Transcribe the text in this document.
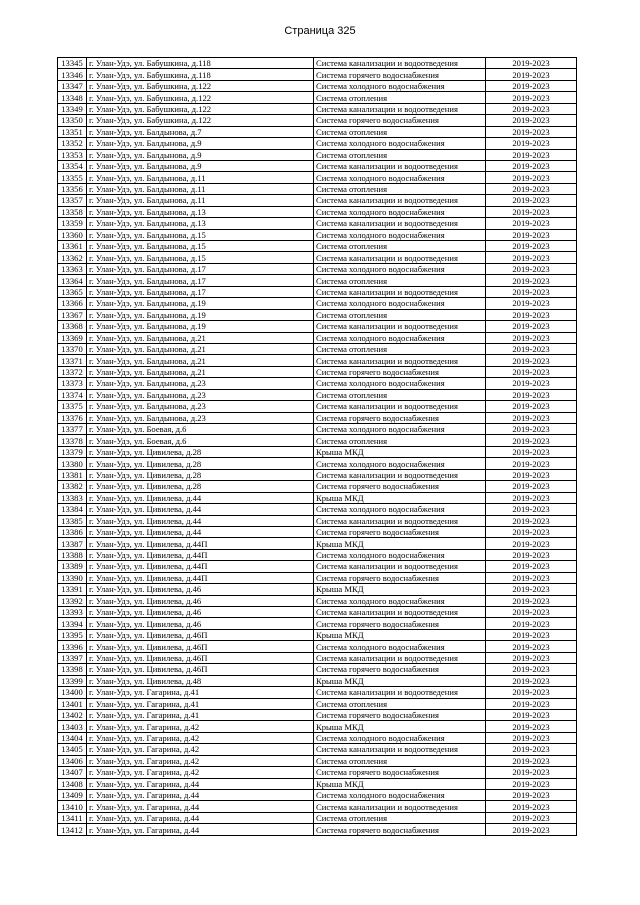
Страница 325
13345	г. Улан-Удэ, ул. Бабушкина, д.118	Система канализации и водоотведения	2019-2023
13346	г. Улан-Удэ, ул. Бабушкина, д.118	Система горячего водоснабжения	2019-2023
13347	г. Улан-Удэ, ул. Бабушкина, д.122	Система холодного водоснабжения	2019-2023
13348	г. Улан-Удэ, ул. Бабушкина, д.122	Система отопления	2019-2023
13349	г. Улан-Удэ, ул. Бабушкина, д.122	Система канализации и водоотведения	2019-2023
13350	г. Улан-Удэ, ул. Бабушкина, д.122	Система горячего водоснабжения	2019-2023
13351	г. Улан-Удэ, ул. Балдынова, д.7	Система отопления	2019-2023
13352	г. Улан-Удэ, ул. Балдынова, д.9	Система холодного водоснабжения	2019-2023
13353	г. Улан-Удэ, ул. Балдынова, д.9	Система отопления	2019-2023
13354	г. Улан-Удэ, ул. Балдынова, д.9	Система канализации и водоотведения	2019-2023
13355	г. Улан-Удэ, ул. Балдынова, д.11	Система холодного водоснабжения	2019-2023
13356	г. Улан-Удэ, ул. Балдынова, д.11	Система отопления	2019-2023
13357	г. Улан-Удэ, ул. Балдынова, д.11	Система канализации и водоотведения	2019-2023
13358	г. Улан-Удэ, ул. Балдынова, д.13	Система холодного водоснабжения	2019-2023
13359	г. Улан-Удэ, ул. Балдынова, д.13	Система канализации и водоотведения	2019-2023
13360	г. Улан-Удэ, ул. Балдынова, д.15	Система холодного водоснабжения	2019-2023
13361	г. Улан-Удэ, ул. Балдынова, д.15	Система отопления	2019-2023
13362	г. Улан-Удэ, ул. Балдынова, д.15	Система канализации и водоотведения	2019-2023
13363	г. Улан-Удэ, ул. Балдынова, д.17	Система холодного водоснабжения	2019-2023
13364	г. Улан-Удэ, ул. Балдынова, д.17	Система отопления	2019-2023
13365	г. Улан-Удэ, ул. Балдынова, д.17	Система канализации и водоотведения	2019-2023
13366	г. Улан-Удэ, ул. Балдынова, д.19	Система холодного водоснабжения	2019-2023
13367	г. Улан-Удэ, ул. Балдынова, д.19	Система отопления	2019-2023
13368	г. Улан-Удэ, ул. Балдынова, д.19	Система канализации и водоотведения	2019-2023
13369	г. Улан-Удэ, ул. Балдынова, д.21	Система холодного водоснабжения	2019-2023
13370	г. Улан-Удэ, ул. Балдынова, д.21	Система отопления	2019-2023
13371	г. Улан-Удэ, ул. Балдынова, д.21	Система канализации и водоотведения	2019-2023
13372	г. Улан-Удэ, ул. Балдынова, д.21	Система горячего водоснабжения	2019-2023
13373	г. Улан-Удэ, ул. Балдынова, д.23	Система холодного водоснабжения	2019-2023
13374	г. Улан-Удэ, ул. Балдынова, д.23	Система отопления	2019-2023
13375	г. Улан-Удэ, ул. Балдынова, д.23	Система канализации и водоотведения	2019-2023
13376	г. Улан-Удэ, ул. Балдынова, д.23	Система горячего водоснабжения	2019-2023
13377	г. Улан-Удэ, ул. Боевая, д.6	Система холодного водоснабжения	2019-2023
13378	г. Улан-Удэ, ул. Боевая, д.6	Система отопления	2019-2023
13379	г. Улан-Удэ, ул. Цивилева, д.28	Крыша МКД	2019-2023
13380	г. Улан-Удэ, ул. Цивилева, д.28	Система холодного водоснабжения	2019-2023
13381	г. Улан-Удэ, ул. Цивилева, д.28	Система канализации и водоотведения	2019-2023
13382	г. Улан-Удэ, ул. Цивилева, д.28	Система горячего водоснабжения	2019-2023
13383	г. Улан-Удэ, ул. Цивилева, д.44	Крыша МКД	2019-2023
13384	г. Улан-Удэ, ул. Цивилева, д.44	Система холодного водоснабжения	2019-2023
13385	г. Улан-Удэ, ул. Цивилева, д.44	Система канализации и водоотведения	2019-2023
13386	г. Улан-Удэ, ул. Цивилева, д.44	Система горячего водоснабжения	2019-2023
13387	г. Улан-Удэ, ул. Цивилева, д.44П	Крыша МКД	2019-2023
13388	г. Улан-Удэ, ул. Цивилева, д.44П	Система холодного водоснабжения	2019-2023
13389	г. Улан-Удэ, ул. Цивилева, д.44П	Система канализации и водоотведения	2019-2023
13390	г. Улан-Удэ, ул. Цивилева, д.44П	Система горячего водоснабжения	2019-2023
13391	г. Улан-Удэ, ул. Цивилева, д.46	Крыша МКД	2019-2023
13392	г. Улан-Удэ, ул. Цивилева, д.46	Система холодного водоснабжения	2019-2023
13393	г. Улан-Удэ, ул. Цивилева, д.46	Система канализации и водоотведения	2019-2023
13394	г. Улан-Удэ, ул. Цивилева, д.46	Система горячего водоснабжения	2019-2023
13395	г. Улан-Удэ, ул. Цивилева, д.46П	Крыша МКД	2019-2023
13396	г. Улан-Удэ, ул. Цивилева, д.46П	Система холодного водоснабжения	2019-2023
13397	г. Улан-Удэ, ул. Цивилева, д.46П	Система канализации и водоотведения	2019-2023
13398	г. Улан-Удэ, ул. Цивилева, д.46П	Система горячего водоснабжения	2019-2023
13399	г. Улан-Удэ, ул. Цивилева, д.48	Крыша МКД	2019-2023
13400	г. Улан-Удэ, ул. Гагарина, д.41	Система канализации и водоотведения	2019-2023
13401	г. Улан-Удэ, ул. Гагарина, д.41	Система отопления	2019-2023
13402	г. Улан-Удэ, ул. Гагарина, д.41	Система горячего водоснабжения	2019-2023
13403	г. Улан-Удэ, ул. Гагарина, д.42	Крыша МКД	2019-2023
13404	г. Улан-Удэ, ул. Гагарина, д.42	Система холодного водоснабжения	2019-2023
13405	г. Улан-Удэ, ул. Гагарина, д.42	Система канализации и водоотведения	2019-2023
13406	г. Улан-Удэ, ул. Гагарина, д.42	Система отопления	2019-2023
13407	г. Улан-Удэ, ул. Гагарина, д.42	Система горячего водоснабжения	2019-2023
13408	г. Улан-Удэ, ул. Гагарина, д.44	Крыша МКД	2019-2023
13409	г. Улан-Удэ, ул. Гагарина, д.44	Система холодного водоснабжения	2019-2023
13410	г. Улан-Удэ, ул. Гагарина, д.44	Система канализации и водоотведения	2019-2023
13411	г. Улан-Удэ, ул. Гагарина, д.44	Система отопления	2019-2023
13412	г. Улан-Удэ, ул. Гагарина, д.44	Система горячего водоснабжения	2019-2023
